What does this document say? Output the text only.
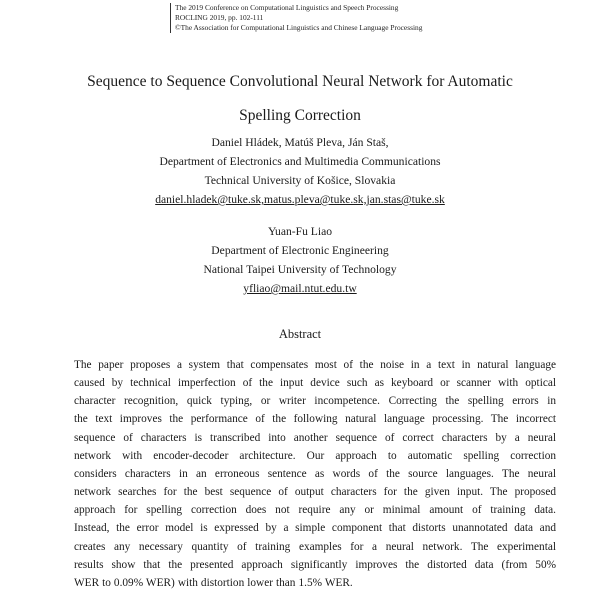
The 2019 Conference on Computational Linguistics and Speech Processing
ROCLING 2019, pp. 102-111
©The Association for Computational Linguistics and Chinese Language Processing
Sequence to Sequence Convolutional Neural Network for Automatic
Spelling Correction
Daniel Hládek, Matúš Pleva, Ján Staš,
Department of Electronics and Multimedia Communications
Technical University of Košice, Slovakia
daniel.hladek@tuke.sk,matus.pleva@tuke.sk,jan.stas@tuke.sk
Yuan-Fu Liao
Department of Electronic Engineering
National Taipei University of Technology
yfliao@mail.ntut.edu.tw
Abstract
The paper proposes a system that compensates most of the noise in a text in natural language
caused by technical imperfection of the input device such as keyboard or scanner with optical
character recognition, quick typing, or writer incompetence. Correcting the spelling errors in
the text improves the performance of the following natural language processing. The incorrect
sequence of characters is transcribed into another sequence of correct characters by a neural
network with encoder-decoder architecture. Our approach to automatic spelling correction
considers characters in an erroneous sentence as words of the source languages. The neural
network searches for the best sequence of output characters for the given input. The proposed
approach for spelling correction does not require any or minimal amount of training data.
Instead, the error model is expressed by a simple component that distorts unannotated data and
creates any necessary quantity of training examples for a neural network. The experimental
results show that the presented approach significantly improves the distorted data (from 50%
WER to 0.09% WER) with distortion lower than 1.5% WER.
